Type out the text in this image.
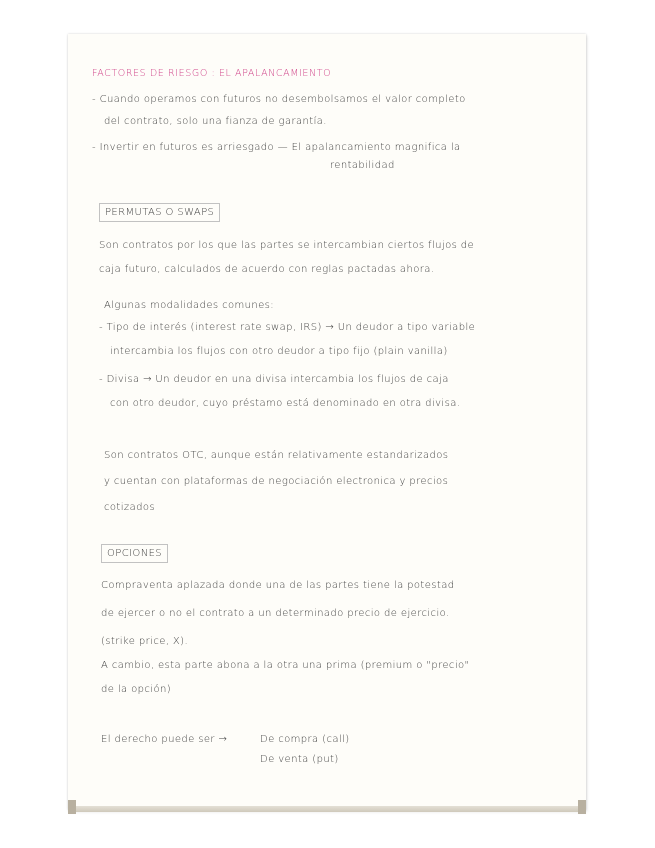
FACTORES DE RIESGO : EL APALANCAMIENTO

- Cuando operamos con futuros no desembolsamos el valor completo

del contrato, solo una fianza de garantía.

- Invertir en futuros es arriesgado — El apalancamiento magnifica la

rentabilidad

PERMUTAS O SWAPS

Son contratos por los que las partes se intercambian ciertos flujos de

caja futuro, calculados de acuerdo con reglas pactadas ahora.

Algunas modalidades comunes:

- Tipo de interés (interest rate swap, IRS) → Un deudor a tipo variable

intercambia los flujos con otro deudor a tipo fijo (plain vanilla)

- Divisa → Un deudor en una divisa intercambia los flujos de caja

con otro deudor, cuyo préstamo está denominado en otra divisa.

Son contratos OTC, aunque están relativamente estandarizados

y cuentan con plataformas de negociación electronica y precios

cotizados

OPCIONES

Compraventa aplazada donde una de las partes tiene la potestad

de ejercer o no el contrato a un determinado precio de ejercicio.

(strike price, X).

A cambio, esta parte abona a la otra una prima (premium o "precio"

de la opción)

El derecho puede ser →	De compra (call)

De venta (put)
